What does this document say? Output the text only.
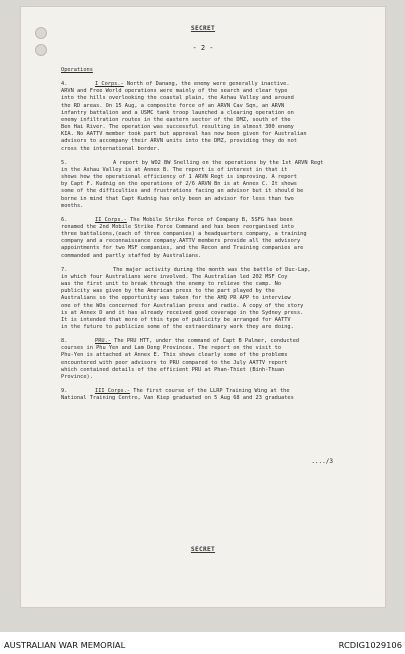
SECRET
- 2 -
Operations
4.	I Corps.- North of Danang, the enemy were generally inactive.
ARVN and Free World operations were mainly of the search and clear type
into the hills overlooking the coastal plain, the Ashau Valley and around
the RD areas. On 15 Aug, a composite force of an ARVN Cav Sqn, an ARVN
infantry battalion and a USMC tank troop launched a clearing operation on
enemy infiltration routes in the eastern sector of the DMZ, south of the
Ben Hai River. The operation was successful resulting in almost 300 enemy
KIA. No AATTV member took part but approval has now been given for Australian
advisors to accompany their ARVN units into the DMZ, providing they do not
cross the international border.
5.	A report by WO2 BW Snelling on the operations by the 1st ARVN Regt
in the Ashau Valley is at Annex B. The report is of interest in that it
shows how the operational efficiency of 1 ARVN Regt is improving. A report
by Capt F. Kudnig on the operations of 2/6 ARVN Bn is at Annex C. It shows
some of the difficulties and frustrations facing an advisor but it should be
borne in mind that Capt Kudnig has only been an advisor for less than two
months.
6.	II Corps.- The Mobile Strike Force of Company B, 5SFG has been
renamed the 2nd Mobile Strike Force Command and has been reorganised into
three battalions,(each of three companies) a headquarters company, a training
company and a reconnaissance company.AATTV members provide all the advisory
appointments for two MSF companies, and the Recon and Training companies are
commanded and partly staffed by Australians.
7.	The major activity during the month was the battle of Duc-Lap,
in which four Australians were involved. The Australian led 202 MSF Coy
was the first unit to break through the enemy to relieve the camp. No
publicity was given by the American press to the part played by the
Australians so the opportunity was taken for the AHQ PR APP to interview
one of the WOs concerned for Australian press and radio. A copy of the story
is at Annex D and it has already received good coverage in the Sydney press.
It is intended that more of this type of publicity be arranged for AATTV
in the future to publicize some of the extraordinary work they are doing.
8.	PRU.- The PRU HTT, under the command of Capt B Palmer, conducted
courses in Phu Yen and Lam Dong Provinces. The report on the visit to
Phu-Yen is attached at Annex E. This shows clearly some of the problems
encountered with poor advisors to PRU compared to the July AATTV report
which contained details of the efficient PRU at Phan-Thiet (Binh-Thuan
Province).
9.	III Corps.- The first course of the LLRP Training Wing at the
National Training Centre, Van Kiep graduated on 5 Aug 68 and 23 graduates
..../3
SECRET
AUSTRALIAN WAR MEMORIAL	RCDIG1029106
